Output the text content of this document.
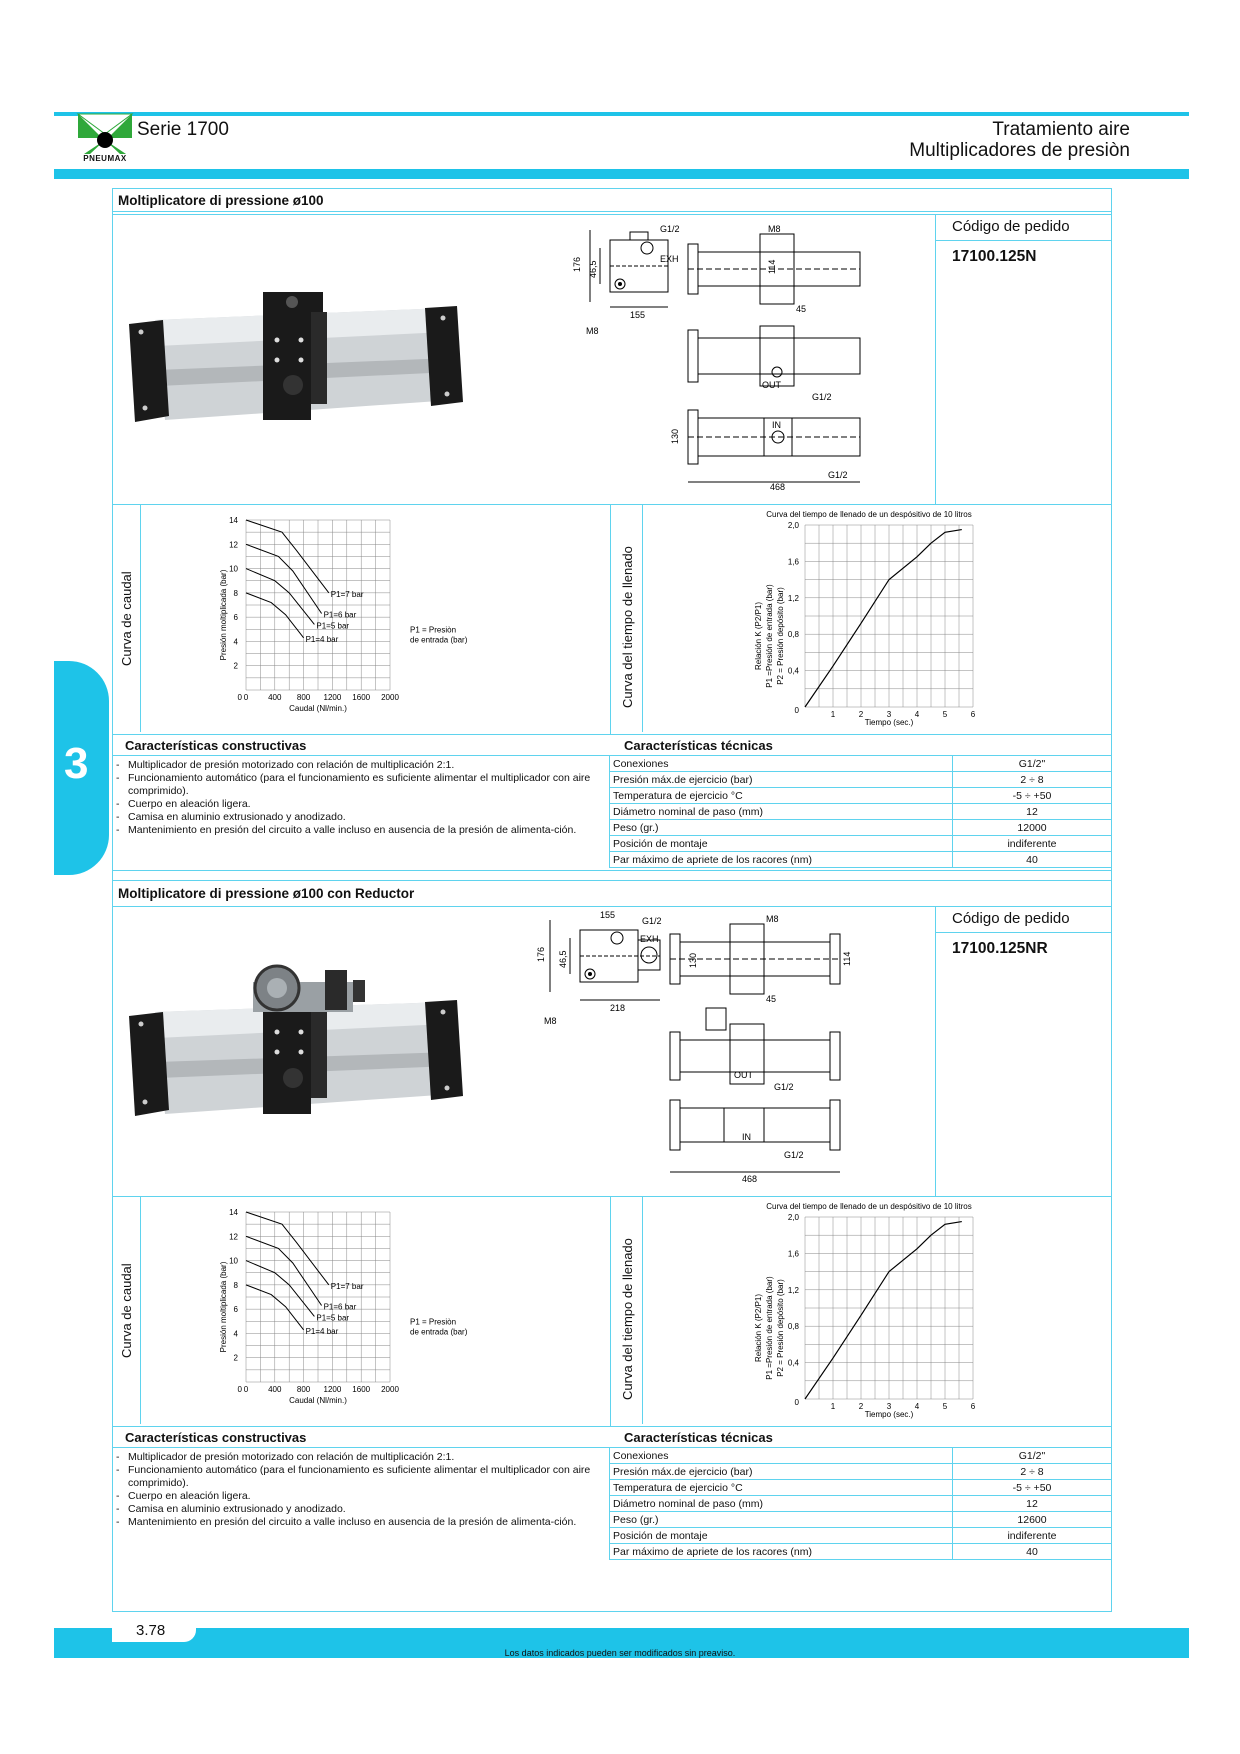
PNEUMAX
Serie 1700	Tratamiento aire
Multiplicadores de presiòn
3
Moltiplicatore di pressione ø100
176 46,5
155
M8
G1/2
EXH
M8
114
45
OUT
G1/2
130
IN
468
G1/2
Código de pedido
17100.125N
Curva de caudal	Curva del tiempo de llenado
0 400 800 1200 1600 2000
0
2
4
6
8
10
12
14
Caudal (Nl/min.)
Presión moltiplicada (bar)	P1=7 bar
P1=6 bar
P1=5 bar
P1=4 bar
P1 = Presiòn
de entrada (bar)
Curva del tiempo de llenado de un despósitivo de 10 litros
1	2	3	4	5	6
0
0,4
0,8
1,2
1,6
2,0
Tiempo (sec.)
Relación K (P2/P1) P1 =Presión de entrada (bar) P2 = Presión depósito (bar)
Características constructivas	Características técnicas
- Multiplicador de presión motorizado con relación de multiplicación 2:1.
- Funcionamiento automático (para el funcionamiento es suficiente alimentar el multiplicador con aire comprimido).
- Cuerpo en aleación ligera.
- Camisa en aluminio extrusionado y anodizado.
- Mantenimiento en presión del circuito a valle incluso en ausencia de la presión de alimenta-ción.
Conexiones	G1/2"
Presión máx.de ejercicio (bar)	2 ÷ 8
Temperatura de ejercicio °C	-5 ÷ +50
Diámetro nominal de paso (mm)	12
Peso (gr.)	12000
Posición de montaje	indiferente
Par máximo de apriete de los racores (nm)	40
Moltiplicatore di pressione ø100 con Reductor
176 46,5
218
M8
G1/2
EXH
155	M8
130	114
45
OUT
G1/2
IN
468
G1/2
Código de pedido
17100.125NR
Curva de caudal	Curva del tiempo de llenado
0 400 800 1200 1600 2000
0
2
4
6
8
10
12
14
Caudal (Nl/min.)
Presión moltiplicada (bar)	P1=7 bar
P1=6 bar
P1=5 bar
P1=4 bar
P1 = Presiòn
de entrada (bar)
Curva del tiempo de llenado de un despósitivo de 10 litros
1	2	3	4	5	6
0
0,4
0,8
1,2
1,6
2,0
Tiempo (sec.)
Relación K (P2/P1) P1 =Presión de entrada (bar) P2 = Presión depósito (bar)
Características constructivas	Características técnicas
- Multiplicador de presión motorizado con relación de multiplicación 2:1.
- Funcionamiento automático (para el funcionamiento es suficiente alimentar el multiplicador con aire comprimido).
- Cuerpo en aleación ligera.
- Camisa en aluminio extrusionado y anodizado.
- Mantenimiento en presión del circuito a valle incluso en ausencia de la presión de alimenta-ción.
Conexiones	G1/2"
Presión máx.de ejercicio (bar)	2 ÷ 8
Temperatura de ejercicio °C	-5 ÷ +50
Diámetro nominal de paso (mm)	12
Peso (gr.)	12600
Posición de montaje	indiferente
Par máximo de apriete de los racores (nm)	40
3.78
Los datos indicados pueden ser modificados sin preaviso.
